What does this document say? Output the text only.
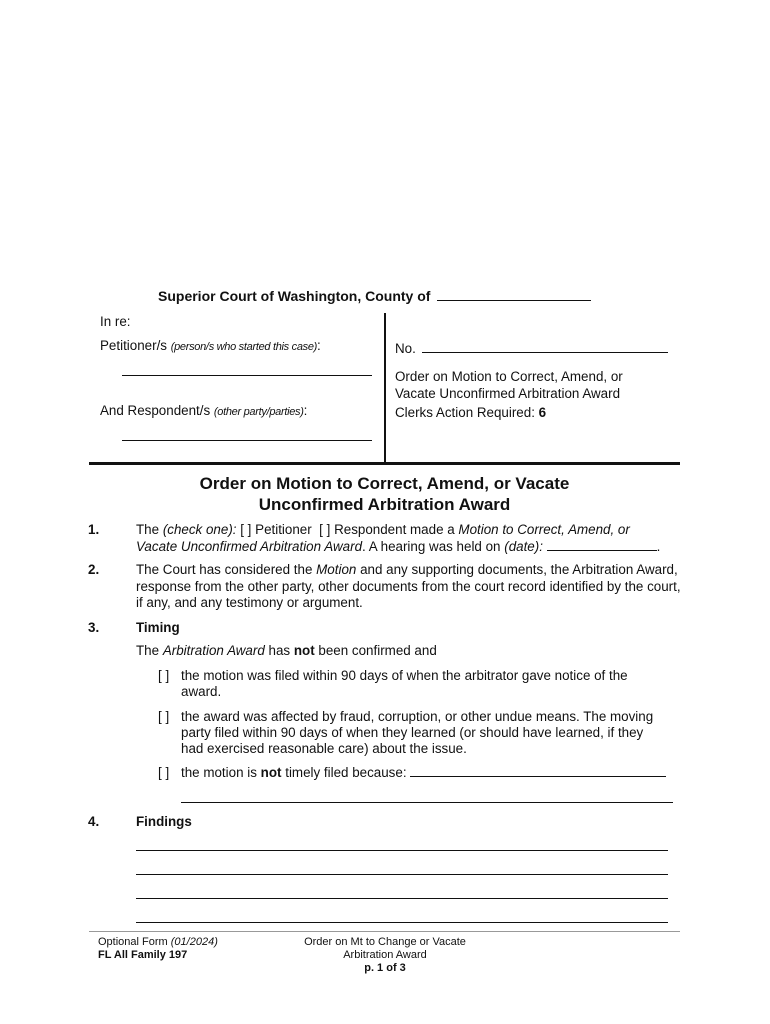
Superior Court of Washington, County of
In re:
Petitioner/s (person/s who started this case):
And Respondent/s (other party/parties):
No.
Order on Motion to Correct, Amend, or
Vacate Unconfirmed Arbitration Award
Clerks Action Required: 6
Order on Motion to Correct, Amend, or Vacate
Unconfirmed Arbitration Award
1.	The (check one): [ ] Petitioner [ ] Respondent made a Motion to Correct, Amend, or
Vacate Unconfirmed Arbitration Award. A hearing was held on (date):	.
2.	The Court has considered the Motion and any supporting documents, the Arbitration Award, response from the other party, other documents from the court record identified by the court, if any, and any testimony or argument.
3.	Timing
The Arbitration Award has not been confirmed and
[ ] the motion was filed within 90 days of when the arbitrator gave notice of the award.
[ ] the award was affected by fraud, corruption, or other undue means. The moving party filed within 90 days of when they learned (or should have learned, if they had exercised reasonable care) about the issue.
[ ] the motion is not timely filed because:
4.	Findings
Optional Form (01/2024)
FL All Family 197
Order on Mt to Change or Vacate
Arbitration Award
p. 1 of 3
